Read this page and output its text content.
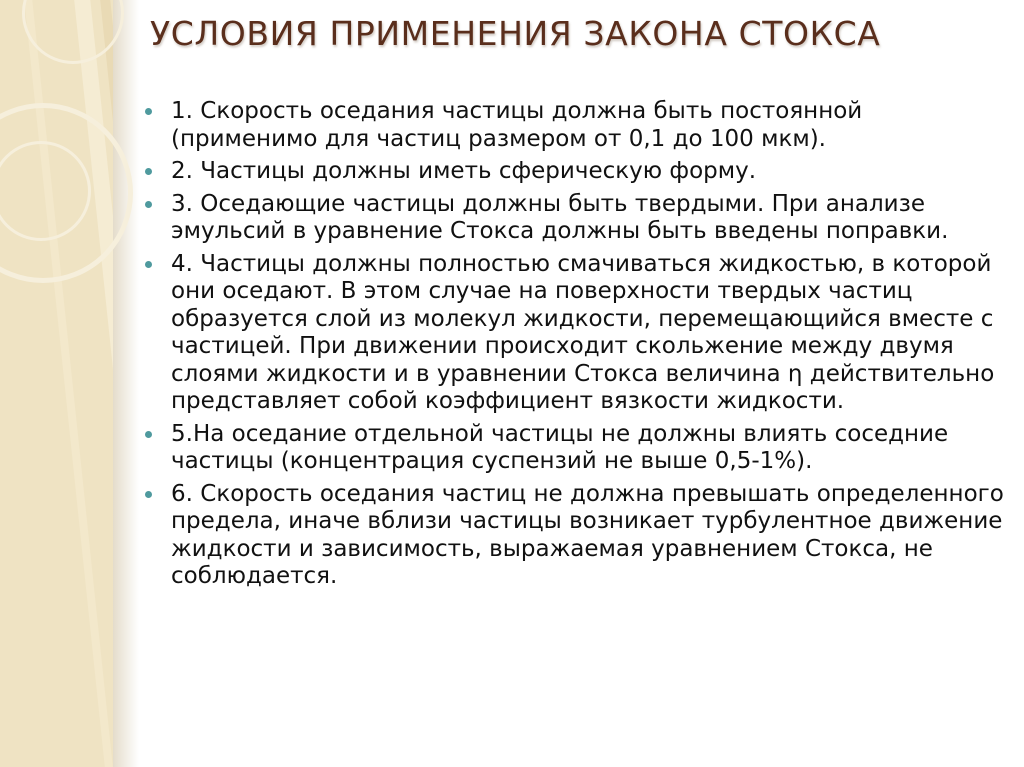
УСЛОВИЯ ПРИМЕНЕНИЯ ЗАКОНА СТОКСА
1. Скорость оседания частицы должна быть постоянной (применимо для частиц размером от 0,1 до 100 мкм).
2. Частицы должны иметь сферическую форму.
3. Оседающие частицы должны быть твердыми. При анализе эмульсий в уравнение Стокса должны быть введены поправки.
4. Частицы должны полностью смачиваться жидкостью, в которой они оседают. В этом случае на поверхности твердых частиц образуется слой из молекул жидкости, перемещающийся вместе с частицей. При движении происходит скольжение между двумя слоями жидкости и в уравнении Стокса величина η действительно представляет собой коэффициент вязкости жидкости.
5.На оседание отдельной частицы не должны влиять соседние частицы (концентрация суспензий не выше 0,5-1%).
6. Скорость оседания частиц не должна превышать определенного предела, иначе вблизи частицы возникает турбулентное движение жидкости и зависимость, выражаемая уравнением Стокса, не соблюдается.
